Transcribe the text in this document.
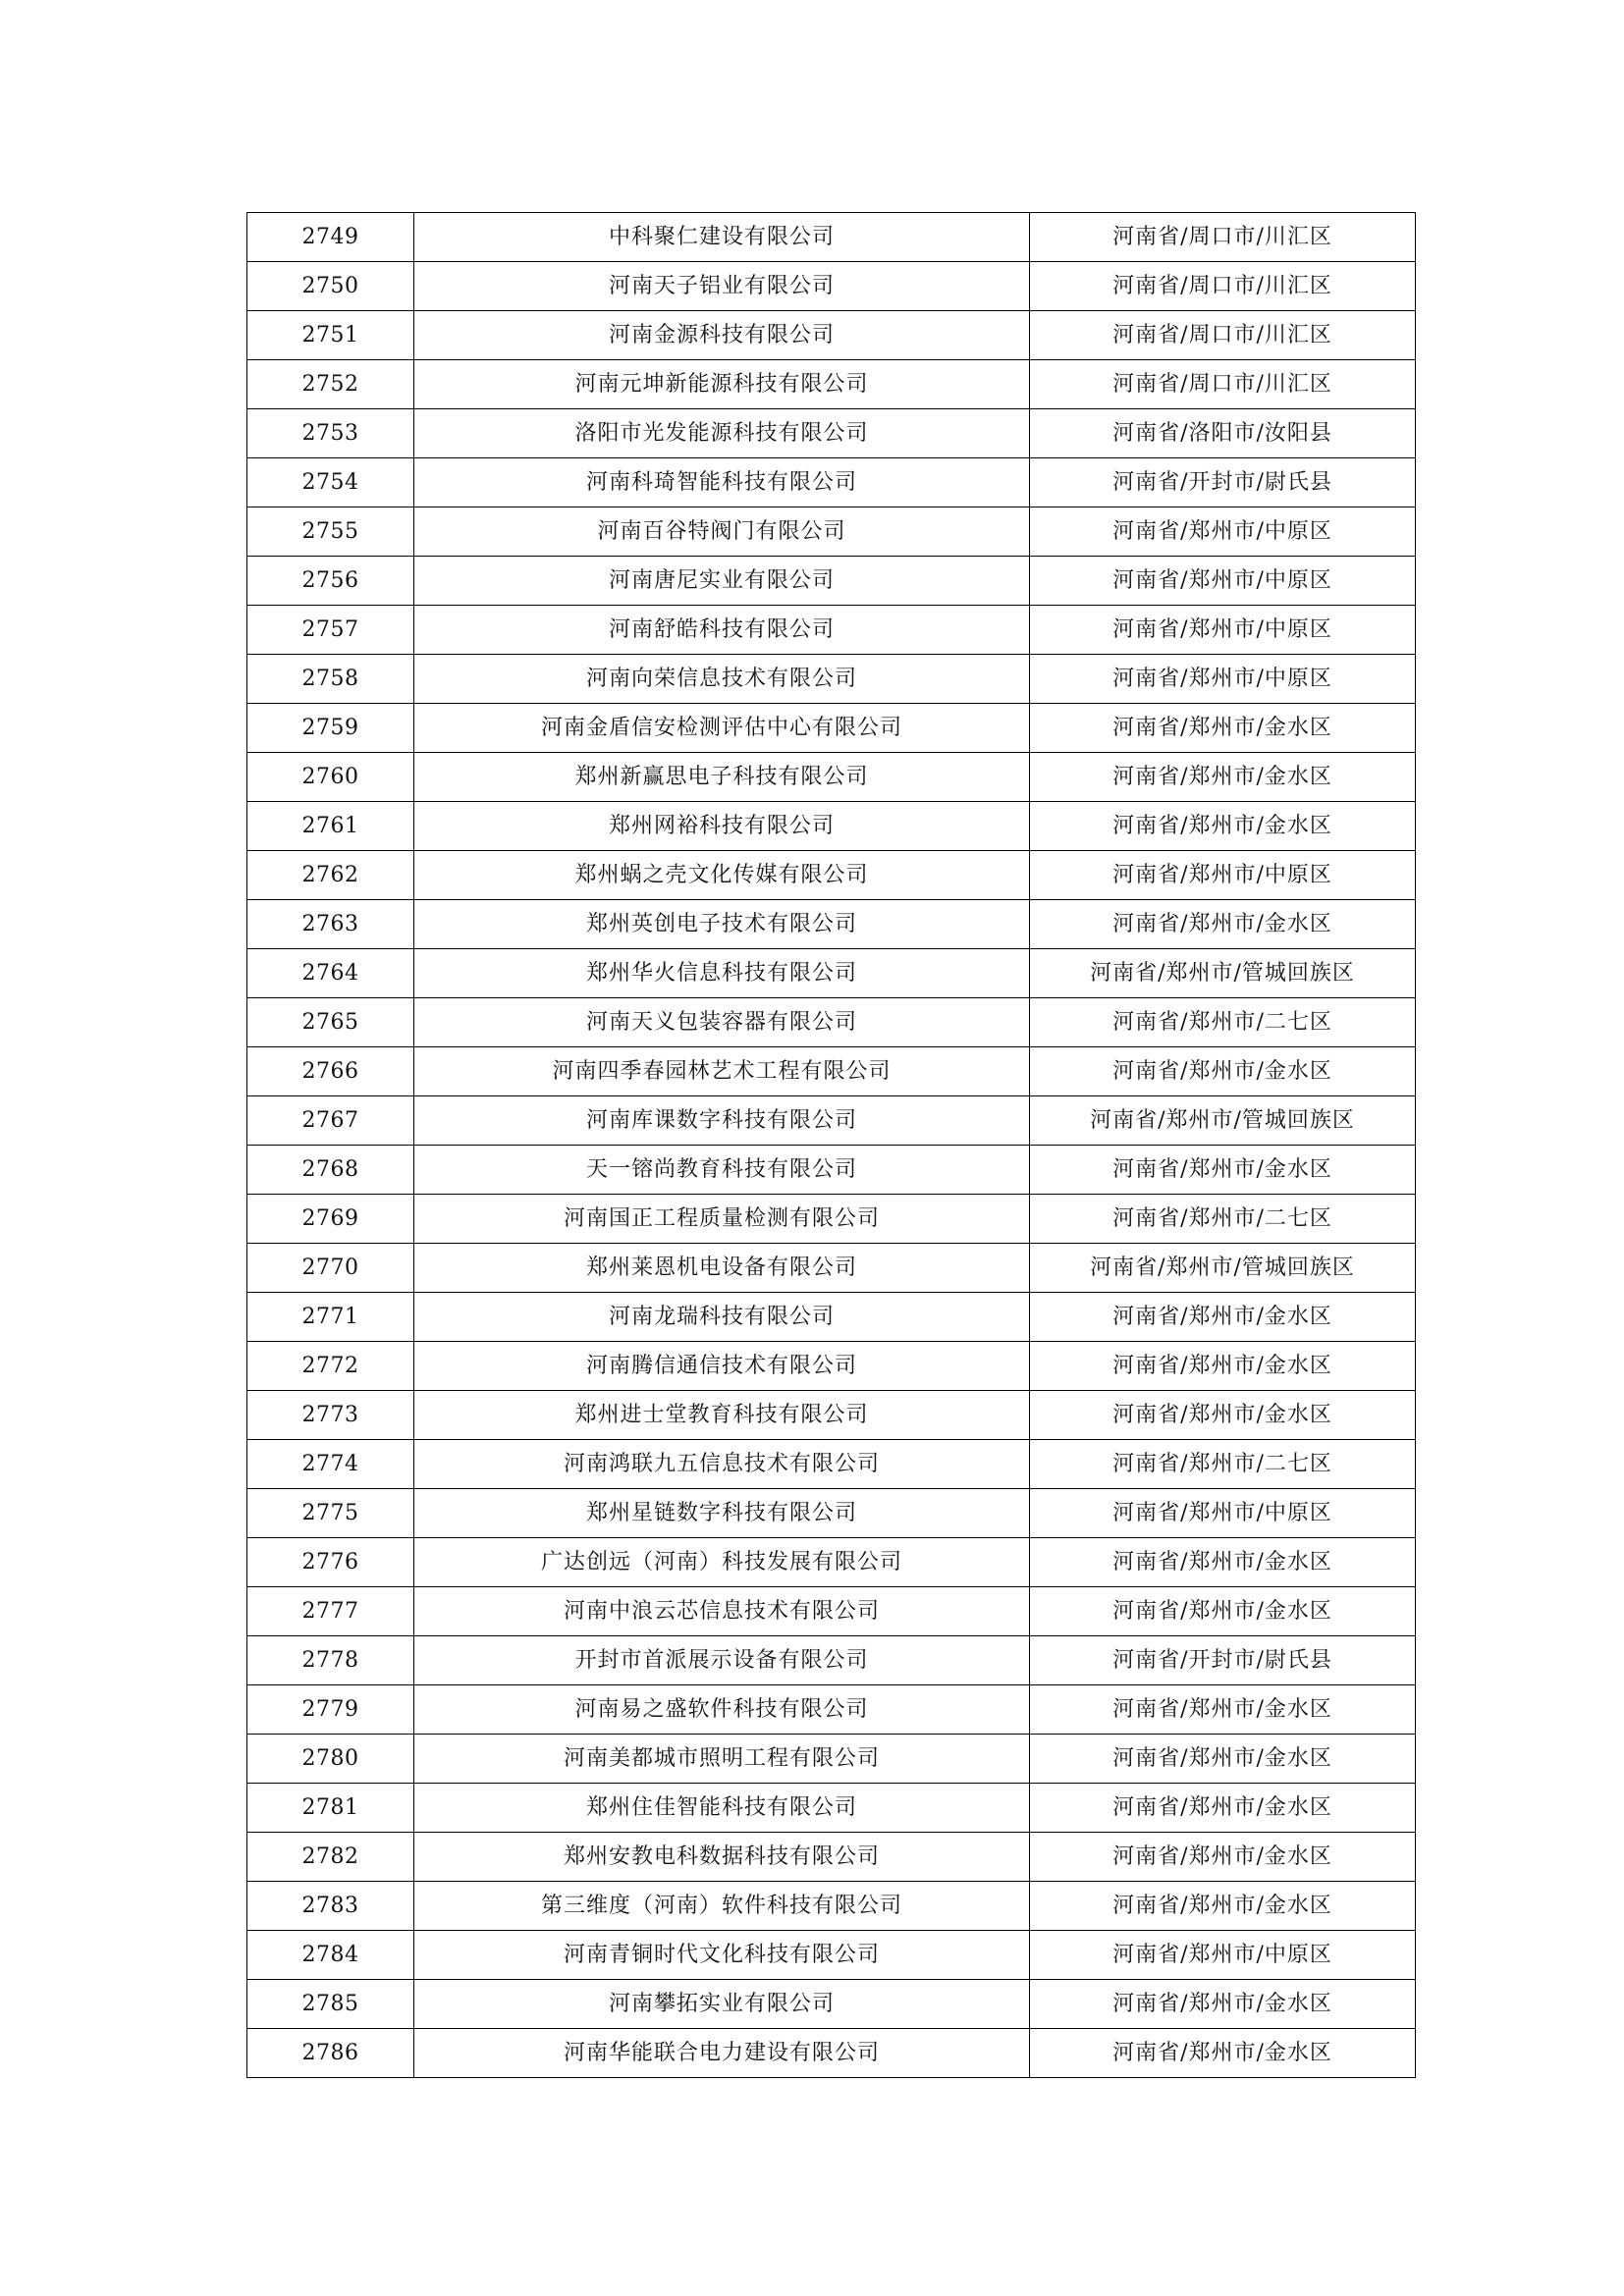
2749	中科聚仁建设有限公司	河南省/周口市/川汇区
2750	河南天子铝业有限公司	河南省/周口市/川汇区
2751	河南金源科技有限公司	河南省/周口市/川汇区
2752	河南元坤新能源科技有限公司	河南省/周口市/川汇区
2753	洛阳市光发能源科技有限公司	河南省/洛阳市/汝阳县
2754	河南科琦智能科技有限公司	河南省/开封市/尉氏县
2755	河南百谷特阀门有限公司	河南省/郑州市/中原区
2756	河南唐尼实业有限公司	河南省/郑州市/中原区
2757	河南舒皓科技有限公司	河南省/郑州市/中原区
2758	河南向荣信息技术有限公司	河南省/郑州市/中原区
2759	河南金盾信安检测评估中心有限公司	河南省/郑州市/金水区
2760	郑州新赢思电子科技有限公司	河南省/郑州市/金水区
2761	郑州网裕科技有限公司	河南省/郑州市/金水区
2762	郑州蜗之壳文化传媒有限公司	河南省/郑州市/中原区
2763	郑州英创电子技术有限公司	河南省/郑州市/金水区
2764	郑州华火信息科技有限公司	河南省/郑州市/管城回族区
2765	河南天义包装容器有限公司	河南省/郑州市/二七区
2766	河南四季春园林艺术工程有限公司	河南省/郑州市/金水区
2767	河南库课数字科技有限公司	河南省/郑州市/管城回族区
2768	天一镕尚教育科技有限公司	河南省/郑州市/金水区
2769	河南国正工程质量检测有限公司	河南省/郑州市/二七区
2770	郑州莱恩机电设备有限公司	河南省/郑州市/管城回族区
2771	河南龙瑞科技有限公司	河南省/郑州市/金水区
2772	河南腾信通信技术有限公司	河南省/郑州市/金水区
2773	郑州进士堂教育科技有限公司	河南省/郑州市/金水区
2774	河南鸿联九五信息技术有限公司	河南省/郑州市/二七区
2775	郑州星链数字科技有限公司	河南省/郑州市/中原区
2776	广达创远（河南）科技发展有限公司	河南省/郑州市/金水区
2777	河南中浪云芯信息技术有限公司	河南省/郑州市/金水区
2778	开封市首派展示设备有限公司	河南省/开封市/尉氏县
2779	河南易之盛软件科技有限公司	河南省/郑州市/金水区
2780	河南美都城市照明工程有限公司	河南省/郑州市/金水区
2781	郑州住佳智能科技有限公司	河南省/郑州市/金水区
2782	郑州安教电科数据科技有限公司	河南省/郑州市/金水区
2783	第三维度（河南）软件科技有限公司	河南省/郑州市/金水区
2784	河南青铜时代文化科技有限公司	河南省/郑州市/中原区
2785	河南攀拓实业有限公司	河南省/郑州市/金水区
2786	河南华能联合电力建设有限公司	河南省/郑州市/金水区
